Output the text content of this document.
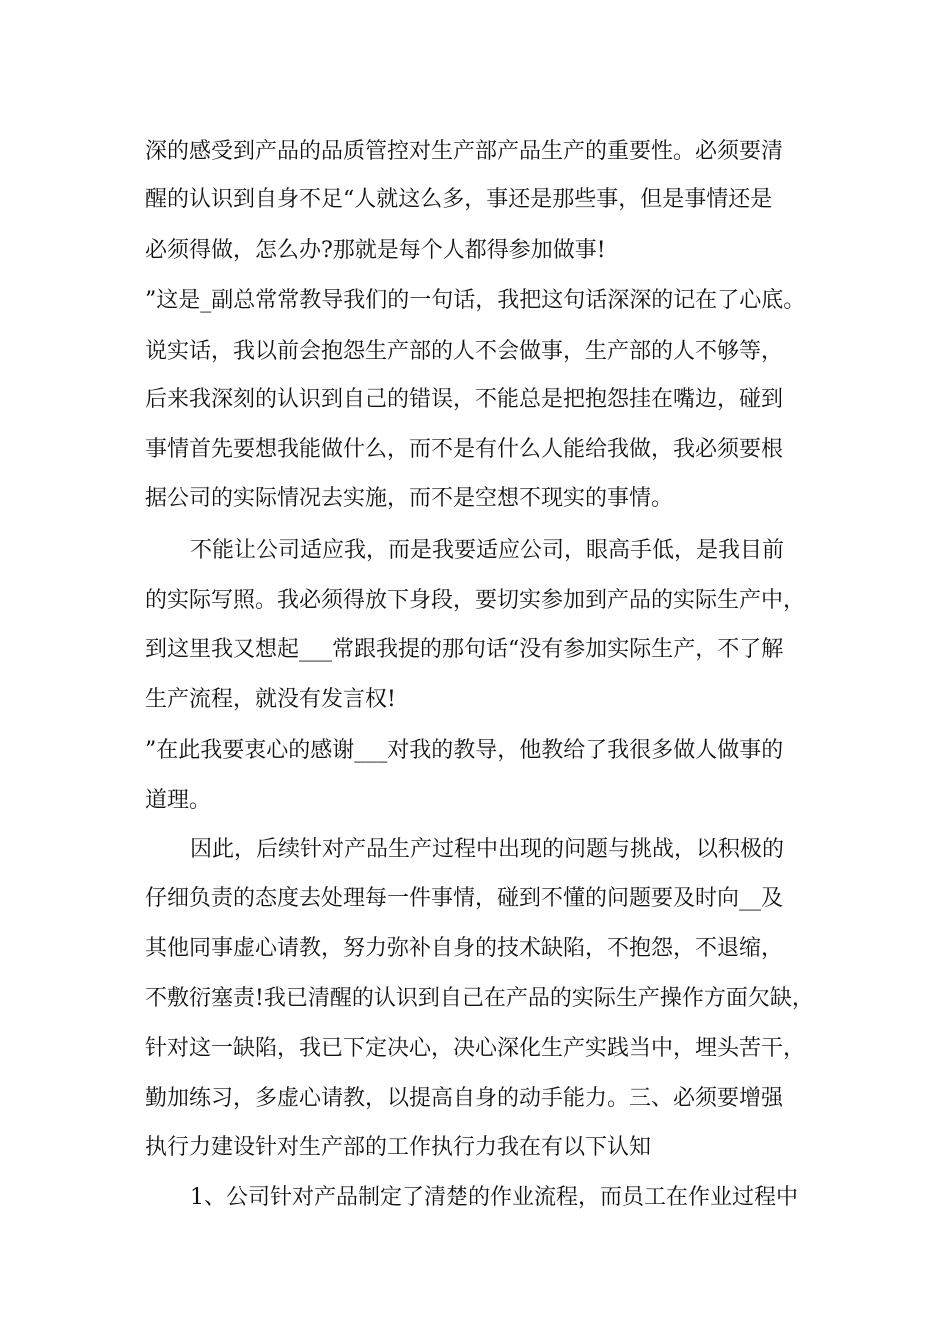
深的感受到产品的品质管控对生产部产品生产的重要性。必须要清

醒的认识到自身不足“人就这么多，事还是那些事，但是事情还是

必须得做，怎么办?那就是每个人都得参加做事!

”这是_副总常常教导我们的一句话，我把这句话深深的记在了心底。

说实话，我以前会抱怨生产部的人不会做事，生产部的人不够等，

后来我深刻的认识到自己的错误，不能总是把抱怨挂在嘴边，碰到

事情首先要想我能做什么，而不是有什么人能给我做，我必须要根

据公司的实际情况去实施，而不是空想不现实的事情。

不能让公司适应我，而是我要适应公司，眼高手低，是我目前

的实际写照。我必须得放下身段，要切实参加到产品的实际生产中，

到这里我又想起___常跟我提的那句话“没有参加实际生产，不了解

生产流程，就没有发言权!

”在此我要衷心的感谢___对我的教导，他教给了我很多做人做事的

道理。

因此，后续针对产品生产过程中出现的问题与挑战，以积极的

仔细负责的态度去处理每一件事情，碰到不懂的问题要及时向__及

其他同事虚心请教，努力弥补自身的技术缺陷，不抱怨，不退缩，

不敷衍塞责!我已清醒的认识到自己在产品的实际生产操作方面欠缺，

针对这一缺陷，我已下定决心，决心深化生产实践当中，埋头苦干，

勤加练习，多虚心请教，以提高自身的动手能力。三、必须要增强

执行力建设针对生产部的工作执行力我在有以下认知

1、公司针对产品制定了清楚的作业流程，而员工在作业过程中
